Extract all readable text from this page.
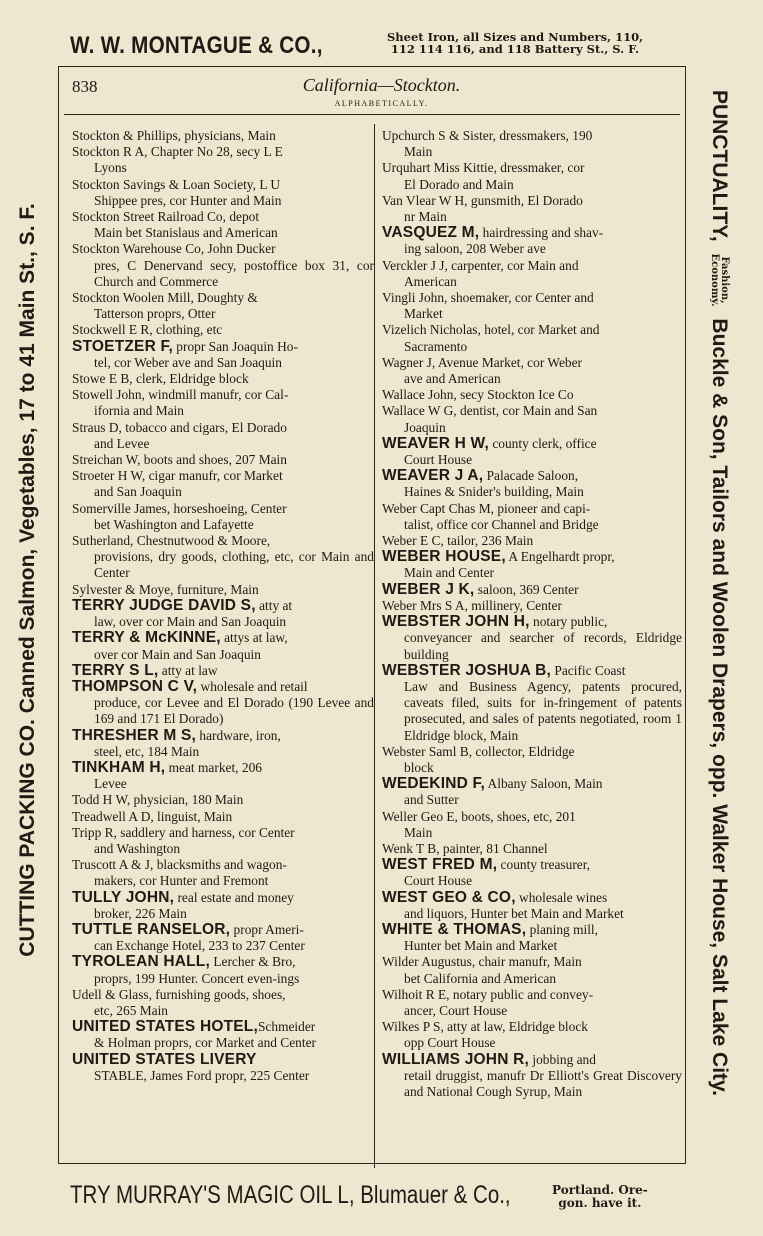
W. W. MONTAGUE & CO.,	Sheet Iron, all Sizes and Numbers, 110,
112 114 116, and 118 Battery St., S. F.
838	California—Stockton.
ALPHABETICALLY.
CUTTING PACKING CO. Canned Salmon, Vegetables, 17 to 41 Main St., S. F.
PUNCTUALITY, Fashion,
Economy. Buckle & Son, Tailors and Woolen Drapers, opp. Walker House, Salt Lake City.
Stockton & Phillips, physicians, Main
Stockton R A, Chapter No 28, secy L E
Lyons
Stockton Savings & Loan Society, L U
Shippee pres, cor Hunter and Main
Stockton Street Railroad Co, depot
Main bet Stanislaus and American
Stockton Warehouse Co, John Ducker
pres, C Denervand secy, postoffice box 31, cor Church and Commerce
Stockton Woolen Mill, Doughty &
Tatterson proprs, Otter
Stockwell E R, clothing, etc
STOETZER F, propr San Joaquin Ho-
tel, cor Weber ave and San Joaquin
Stowe E B, clerk, Eldridge block
Stowell John, windmill manufr, cor Cal-
ifornia and Main
Straus D, tobacco and cigars, El Dorado
and Levee
Streichan W, boots and shoes, 207 Main
Stroeter H W, cigar manufr, cor Market
and San Joaquin
Somerville James, horseshoeing, Center
bet Washington and Lafayette
Sutherland, Chestnutwood & Moore,
provisions, dry goods, clothing, etc, cor Main and Center
Sylvester & Moye, furniture, Main
TERRY JUDGE DAVID S, atty at
law, over cor Main and San Joaquin
TERRY & McKINNE, attys at law,
over cor Main and San Joaquin
TERRY S L, atty at law
THOMPSON C V, wholesale and retail
produce, cor Levee and El Dorado (190 Levee and 169 and 171 El Dorado)
THRESHER M S, hardware, iron,
steel, etc, 184 Main
TINKHAM H, meat market, 206
Levee
Todd H W, physician, 180 Main
Treadwell A D, linguist, Main
Tripp R, saddlery and harness, cor Center
and Washington
Truscott A & J, blacksmiths and wagon-
makers, cor Hunter and Fremont
TULLY JOHN, real estate and money
broker, 226 Main
TUTTLE RANSELOR, propr Ameri-
can Exchange Hotel, 233 to 237 Center
TYROLEAN HALL, Lercher & Bro,
proprs, 199 Hunter. Concert even-ings
Udell & Glass, furnishing goods, shoes,
etc, 265 Main
UNITED STATES HOTEL,Schmeider
& Holman proprs, cor Market and Center
UNITED STATES LIVERY
STABLE, James Ford propr, 225 Center
Upchurch S & Sister, dressmakers, 190
Main
Urquhart Miss Kittie, dressmaker, cor
El Dorado and Main
Van Vlear W H, gunsmith, El Dorado
nr Main
VASQUEZ M, hairdressing and shav-
ing saloon, 208 Weber ave
Verckler J J, carpenter, cor Main and
American
Vingli John, shoemaker, cor Center and
Market
Vizelich Nicholas, hotel, cor Market and
Sacramento
Wagner J, Avenue Market, cor Weber
ave and American
Wallace John, secy Stockton Ice Co
Wallace W G, dentist, cor Main and San
Joaquin
WEAVER H W, county clerk, office
Court House
WEAVER J A, Palacade Saloon,
Haines & Snider's building, Main
Weber Capt Chas M, pioneer and capi-
talist, office cor Channel and Bridge
Weber E C, tailor, 236 Main
WEBER HOUSE, A Engelhardt propr,
Main and Center
WEBER J K, saloon, 369 Center
Weber Mrs S A, millinery, Center
WEBSTER JOHN H, notary public,
conveyancer and searcher of records, Eldridge building
WEBSTER JOSHUA B, Pacific Coast
Law and Business Agency, patents procured, caveats filed, suits for in-fringement of patents prosecuted, and sales of patents negotiated, room 1 Eldridge block, Main
Webster Saml B, collector, Eldridge
block
WEDEKIND F, Albany Saloon, Main
and Sutter
Weller Geo E, boots, shoes, etc, 201
Main
Wenk T B, painter, 81 Channel
WEST FRED M, county treasurer,
Court House
WEST GEO & CO, wholesale wines
and liquors, Hunter bet Main and Market
WHITE & THOMAS, planing mill,
Hunter bet Main and Market
Wilder Augustus, chair manufr, Main
bet California and American
Wilhoit R E, notary public and convey-
ancer, Court House
Wilkes P S, atty at law, Eldridge block
opp Court House
WILLIAMS JOHN R, jobbing and
retail druggist, manufr Dr Elliott's Great Discovery and National Cough Syrup, Main
TRY MURRAY'S MAGIC OIL L, Blumauer & Co.,	Portland. Ore-
gon. have it.
